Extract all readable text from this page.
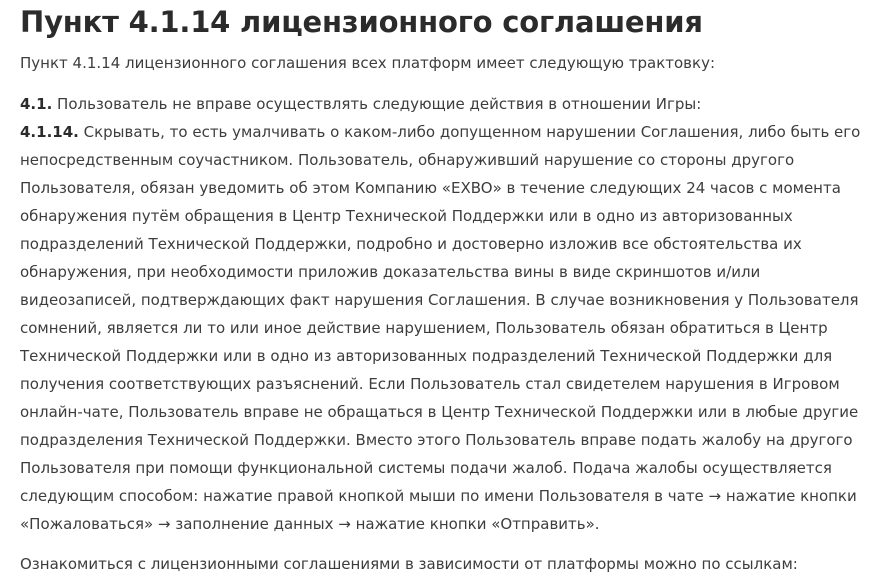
Пункт 4.1.14 лицензионного соглашения

Пункт 4.1.14 лицензионного соглашения всех платформ имеет следующую трактовку:

4.1. Пользователь не вправе осуществлять следующие действия в отношении Игры:
4.1.14. Скрывать, то есть умалчивать о каком-либо допущенном нарушении Соглашения, либо быть его
непосредственным соучастником. Пользователь, обнаруживший нарушение со стороны другого
Пользователя, обязан уведомить об этом Компанию «EXBO» в течение следующих 24 часов с момента
обнаружения путём обращения в Центр Технической Поддержки или в одно из авторизованных
подразделений Технической Поддержки, подробно и достоверно изложив все обстоятельства их
обнаружения, при необходимости приложив доказательства вины в виде скриншотов и/или
видеозаписей, подтверждающих факт нарушения Соглашения. В случае возникновения у Пользователя
сомнений, является ли то или иное действие нарушением, Пользователь обязан обратиться в Центр
Технической Поддержки или в одно из авторизованных подразделений Технической Поддержки для
получения соответствующих разъяснений. Если Пользователь стал свидетелем нарушения в Игровом
онлайн-чате, Пользователь вправе не обращаться в Центр Технической Поддержки или в любые другие
подразделения Технической Поддержки. Вместо этого Пользователь вправе подать жалобу на другого
Пользователя при помощи функциональной системы подачи жалоб. Подача жалобы осуществляется
следующим способом: нажатие правой кнопкой мыши по имени Пользователя в чате → нажатие кнопки
«Пожаловаться» → заполнение данных → нажатие кнопки «Отправить».

Ознакомиться с лицензионными соглашениями в зависимости от платформы можно по ссылкам:
